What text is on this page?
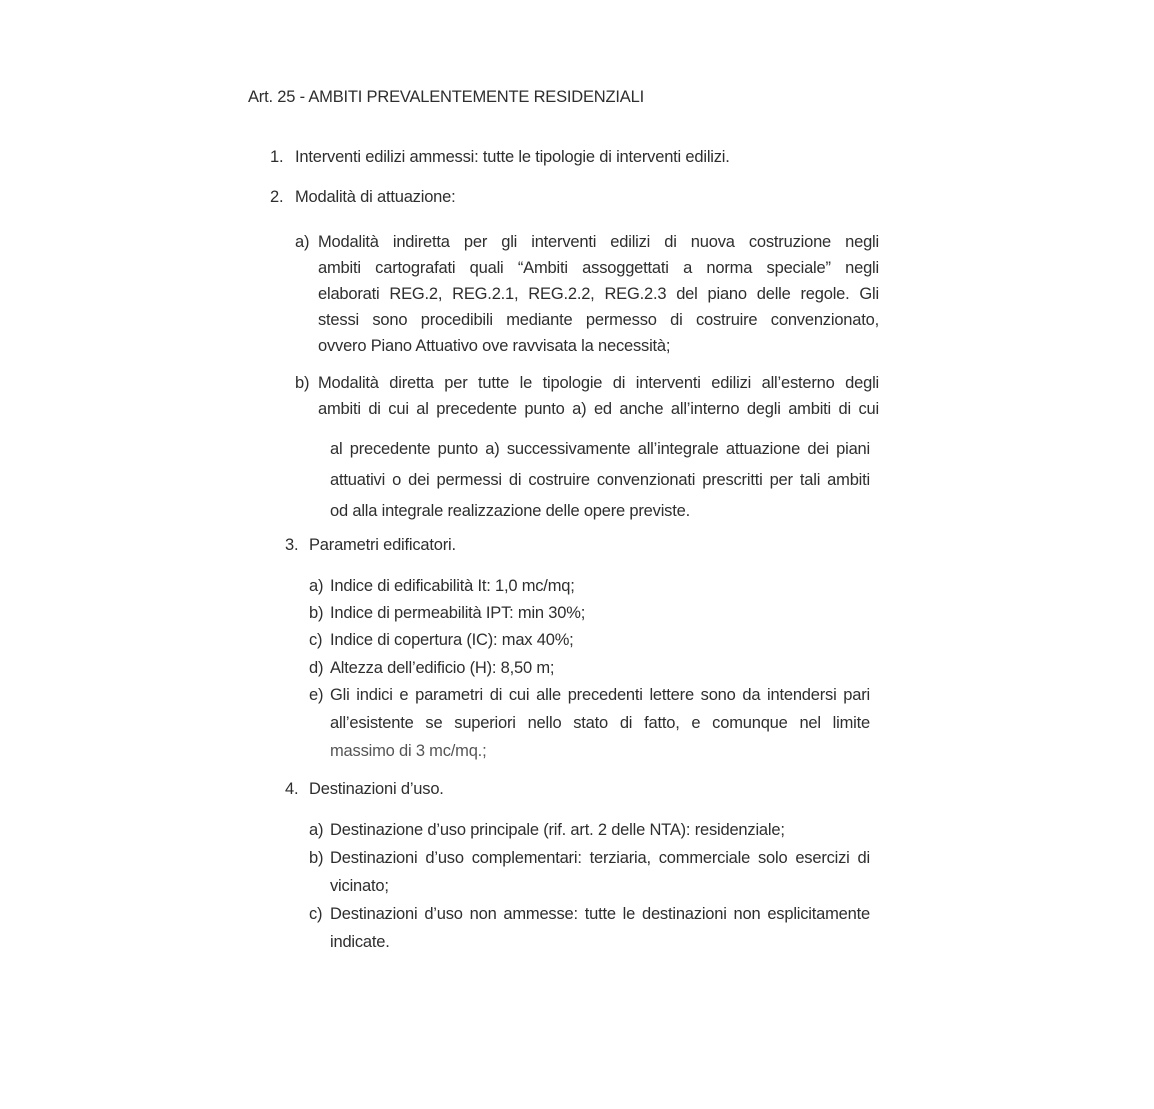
Art. 25 - AMBITI PREVALENTEMENTE RESIDENZIALI
1. Interventi edilizi ammessi: tutte le tipologie di interventi edilizi.
2. Modalità di attuazione:
a) Modalità indiretta per gli interventi edilizi di nuova costruzione negli
ambiti cartografati quali “Ambiti assoggettati a norma speciale” negli
elaborati REG.2, REG.2.1, REG.2.2, REG.2.3 del piano delle regole. Gli
stessi sono procedibili mediante permesso di costruire convenzionato,
ovvero Piano Attuativo ove ravvisata la necessità;
b) Modalità diretta per tutte le tipologie di interventi edilizi all’esterno degli
ambiti di cui al precedente punto a) ed anche all’interno degli ambiti di cui
al precedente punto a) successivamente all’integrale attuazione dei piani
attuativi o dei permessi di costruire convenzionati prescritti per tali ambiti
od alla integrale realizzazione delle opere previste.
3. Parametri edificatori.
a) Indice di edificabilità It: 1,0 mc/mq;
b) Indice di permeabilità IPT: min 30%;
c) Indice di copertura (IC): max 40%;
d) Altezza dell’edificio (H): 8,50 m;
e) Gli indici e parametri di cui alle precedenti lettere sono da intendersi pari
all’esistente se superiori nello stato di fatto, e comunque nel limite
massimo di 3 mc/mq.;
4. Destinazioni d’uso.
a) Destinazione d’uso principale (rif. art. 2 delle NTA): residenziale;
b) Destinazioni d’uso complementari: terziaria, commerciale solo esercizi di
vicinato;
c) Destinazioni d’uso non ammesse: tutte le destinazioni non esplicitamente
indicate.
